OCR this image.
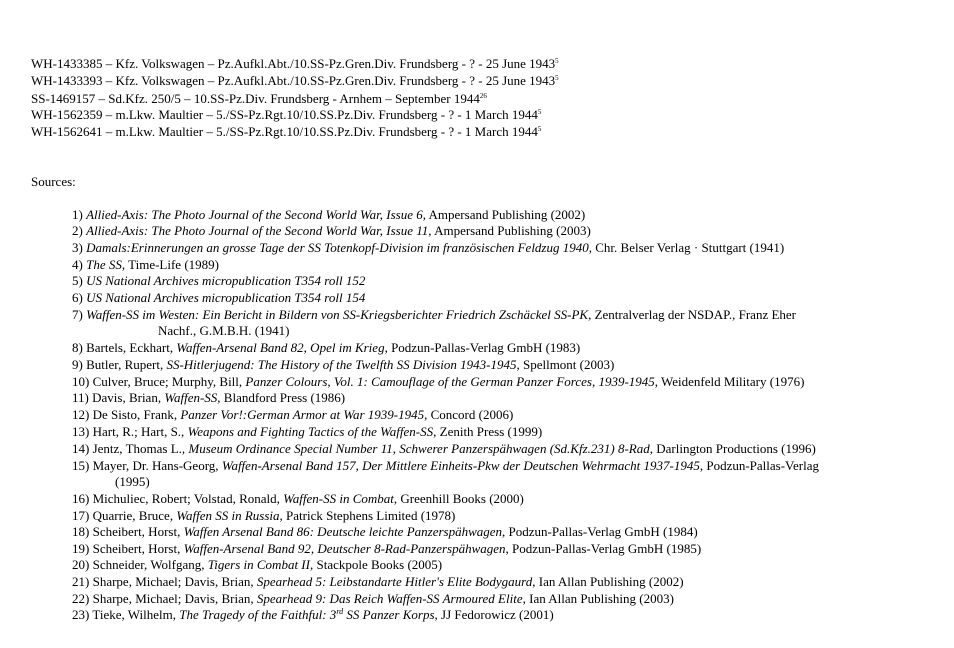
WH-1433385 – Kfz. Volkswagen – Pz.Aufkl.Abt./10.SS-Pz.Gren.Div. Frundsberg - ? - 25 June 1943$^5$
WH-1433393 – Kfz. Volkswagen – Pz.Aufkl.Abt./10.SS-Pz.Gren.Div. Frundsberg - ? - 25 June 1943$^5$
SS-1469157 – Sd.Kfz. 250/5 – 10.SS-Pz.Div. Frundsberg - Arnhem – September 1944$^{26}$
WH-1562359 – m.Lkw. Maultier – 5./SS-Pz.Rgt.10/10.SS.Pz.Div. Frundsberg - ? - 1 March 1944$^5$
WH-1562641 – m.Lkw. Maultier – 5./SS-Pz.Rgt.10/10.SS.Pz.Div. Frundsberg - ? - 1 March 1944$^5$
Sources:
1) Allied-Axis: The Photo Journal of the Second World War, Issue 6, Ampersand Publishing (2002)
2) Allied-Axis: The Photo Journal of the Second World War, Issue 11, Ampersand Publishing (2003)
3) Damals:Erinnerungen an grosse Tage der SS Totenkopf-Division im französischen Feldzug 1940, Chr. Belser Verlag · Stuttgart (1941)
4) The SS, Time-Life (1989)
5) US National Archives micropublication T354 roll 152
6) US National Archives micropublication T354 roll 154
7) Waffen-SS im Westen: Ein Bericht in Bildern von SS-Kriegsberichter Friedrich Zschäckel SS-PK, Zentralverlag der NSDAP., Franz Eher
Nachf., G.M.B.H. (1941)
8) Bartels, Eckhart, Waffen-Arsenal Band 82, Opel im Krieg, Podzun-Pallas-Verlag GmbH (1983)
9) Butler, Rupert, SS-Hitlerjugend: The History of the Twelfth SS Division 1943-1945, Spellmont (2003)
10) Culver, Bruce; Murphy, Bill, Panzer Colours, Vol. 1: Camouflage of the German Panzer Forces, 1939-1945, Weidenfeld Military (1976)
11) Davis, Brian, Waffen-SS, Blandford Press (1986)
12) De Sisto, Frank, Panzer Vor!:German Armor at War 1939-1945, Concord (2006)
13) Hart, R.; Hart, S., Weapons and Fighting Tactics of the Waffen-SS, Zenith Press (1999)
14) Jentz, Thomas L., Museum Ordinance Special Number 11, Schwerer Panzerspähwagen (Sd.Kfz.231) 8-Rad, Darlington Productions (1996)
15) Mayer, Dr. Hans-Georg, Waffen-Arsenal Band 157, Der Mittlere Einheits-Pkw der Deutschen Wehrmacht 1937-1945, Podzun-Pallas-Verlag
(1995)
16) Michuliec, Robert; Volstad, Ronald, Waffen-SS in Combat, Greenhill Books (2000)
17) Quarrie, Bruce, Waffen SS in Russia, Patrick Stephens Limited (1978)
18) Scheibert, Horst, Waffen Arsenal Band 86: Deutsche leichte Panzerspähwagen, Podzun-Pallas-Verlag GmbH (1984)
19) Scheibert, Horst, Waffen-Arsenal Band 92, Deutscher 8-Rad-Panzerspähwagen, Podzun-Pallas-Verlag GmbH (1985)
20) Schneider, Wolfgang, Tigers in Combat II, Stackpole Books (2005)
21) Sharpe, Michael; Davis, Brian, Spearhead 5: Leibstandarte Hitler's Elite Bodygaurd, Ian Allan Publishing (2002)
22) Sharpe, Michael; Davis, Brian, Spearhead 9: Das Reich Waffen-SS Armoured Elite, Ian Allan Publishing (2003)
23) Tieke, Wilhelm, The Tragedy of the Faithful: 3rd SS Panzer Korps, JJ Fedorowicz (2001)
